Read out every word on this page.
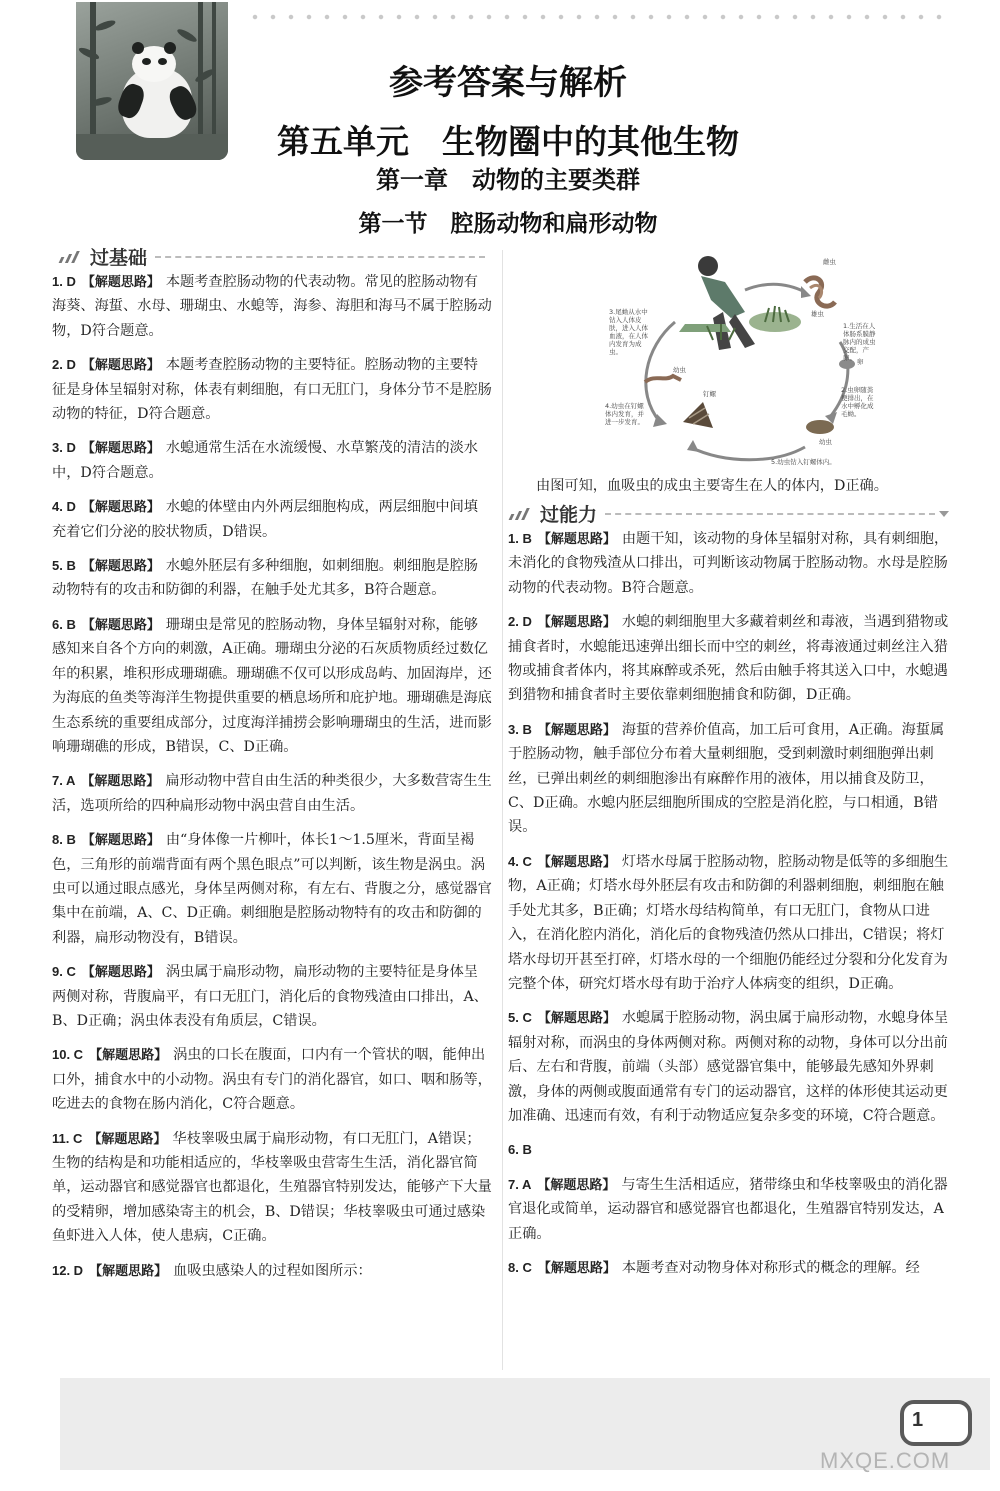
参考答案与解析
第五单元　生物圈中的其他生物
第一章　动物的主要类群
第一节　腔肠动物和扁形动物
过基础
1. D 【解题思路】 本题考查腔肠动物的代表动物。常见的腔肠动物有海葵、海蜇、水母、珊瑚虫、水螅等，海参、海胆和海马不属于腔肠动物，D符合题意。
2. D 【解题思路】 本题考查腔肠动物的主要特征。腔肠动物的主要特征是身体呈辐射对称，体表有刺细胞，有口无肛门，身体分节不是腔肠动物的特征，D符合题意。
3. D 【解题思路】 水螅通常生活在水流缓慢、水草繁茂的清洁的淡水中，D符合题意。
4. D 【解题思路】 水螅的体壁由内外两层细胞构成，两层细胞中间填充着它们分泌的胶状物质，D错误。
5. B 【解题思路】 水螅外胚层有多种细胞，如刺细胞。刺细胞是腔肠动物特有的攻击和防御的利器，在触手处尤其多，B符合题意。
6. B 【解题思路】 珊瑚虫是常见的腔肠动物，身体呈辐射对称，能够感知来自各个方向的刺激，A正确。珊瑚虫分泌的石灰质物质经过数亿年的积累，堆积形成珊瑚礁。珊瑚礁不仅可以形成岛屿、加固海岸，还为海底的鱼类等海洋生物提供重要的栖息场所和庇护地。珊瑚礁是海底生态系统的重要组成部分，过度海洋捕捞会影响珊瑚虫的生活，进而影响珊瑚礁的形成，B错误，C、D正确。
7. A 【解题思路】 扁形动物中营自由生活的种类很少，大多数营寄生生活，选项所给的四种扁形动物中涡虫营自由生活。
8. B 【解题思路】 由“身体像一片柳叶，体长1～1.5厘米，背面呈褐色，三角形的前端背面有两个黑色眼点”可以判断，该生物是涡虫。涡虫可以通过眼点感光，身体呈两侧对称，有左右、背腹之分，感觉器官集中在前端，A、C、D正确。刺细胞是腔肠动物特有的攻击和防御的利器，扁形动物没有，B错误。
9. C 【解题思路】 涡虫属于扁形动物，扁形动物的主要特征是身体呈两侧对称，背腹扁平，有口无肛门，消化后的食物残渣由口排出，A、B、D正确；涡虫体表没有角质层，C错误。
10. C 【解题思路】 涡虫的口长在腹面，口内有一个管状的咽，能伸出口外，捕食水中的小动物。涡虫有专门的消化器官，如口、咽和肠等，吃进去的食物在肠内消化，C符合题意。
11. C 【解题思路】 华枝睾吸虫属于扁形动物，有口无肛门，A错误；生物的结构是和功能相适应的，华枝睾吸虫营寄生生活，消化器官简单，运动器官和感觉器官也都退化，生殖器官特别发达，能够产下大量的受精卵，增加感染寄主的机会，B、D错误；华枝睾吸虫可通过感染鱼虾进入人体，使人患病，C正确。
12. D 【解题思路】 血吸虫感染人的过程如图所示：
雌虫
1.生活在人体肠系膜静脉内的成虫交配，产卵。
2.虫卵随粪便排出，在水中孵化成毛蚴。
3.尾蚴从水中钻入人体皮肤，进入人体血液，在人体内发育为成虫。
4.幼虫在钉螺体内发育，并进一步发育。
5.幼虫钻入钉螺体内。
卵
幼虫
钉螺
幼虫
雄虫
由图可知，血吸虫的成虫主要寄生在人的体内，D正确。
过能力
1. B 【解题思路】 由题干知，该动物的身体呈辐射对称，具有刺细胞，未消化的食物残渣从口排出，可判断该动物属于腔肠动物。水母是腔肠动物的代表动物。B符合题意。
2. D 【解题思路】 水螅的刺细胞里大多藏着刺丝和毒液，当遇到猎物或捕食者时，水螅能迅速弹出细长而中空的刺丝，将毒液通过刺丝注入猎物或捕食者体内，将其麻醉或杀死，然后由触手将其送入口中，水螅遇到猎物和捕食者时主要依靠刺细胞捕食和防御，D正确。
3. B 【解题思路】 海蜇的营养价值高，加工后可食用，A正确。海蜇属于腔肠动物，触手部位分布着大量刺细胞，受到刺激时刺细胞弹出刺丝，已弹出刺丝的刺细胞渗出有麻醉作用的液体，用以捕食及防卫，C、D正确。水螅内胚层细胞所围成的空腔是消化腔，与口相通，B错误。
4. C 【解题思路】 灯塔水母属于腔肠动物，腔肠动物是低等的多细胞生物，A正确；灯塔水母外胚层有攻击和防御的利器刺细胞，刺细胞在触手处尤其多，B正确；灯塔水母结构简单，有口无肛门，食物从口进入，在消化腔内消化，消化后的食物残渣仍然从口排出，C错误；将灯塔水母切开甚至打碎，灯塔水母的一个细胞仍能经过分裂和分化发育为完整个体，研究灯塔水母有助于治疗人体病变的组织，D正确。
5. C 【解题思路】 水螅属于腔肠动物，涡虫属于扁形动物，水螅身体呈辐射对称，而涡虫的身体两侧对称。两侧对称的动物，身体可以分出前后、左右和背腹，前端（头部）感觉器官集中，能够最先感知外界刺激，身体的两侧或腹面通常有专门的运动器官，这样的体形使其运动更加准确、迅速而有效，有利于动物适应复杂多变的环境，C符合题意。
6. B
7. A 【解题思路】 与寄生生活相适应，猪带绦虫和华枝睾吸虫的消化器官退化或简单，运动器官和感觉器官也都退化，生殖器官特别发达，A正确。
8. C 【解题思路】 本题考查对动物身体对称形式的概念的理解。经
1
MXQE.COM
